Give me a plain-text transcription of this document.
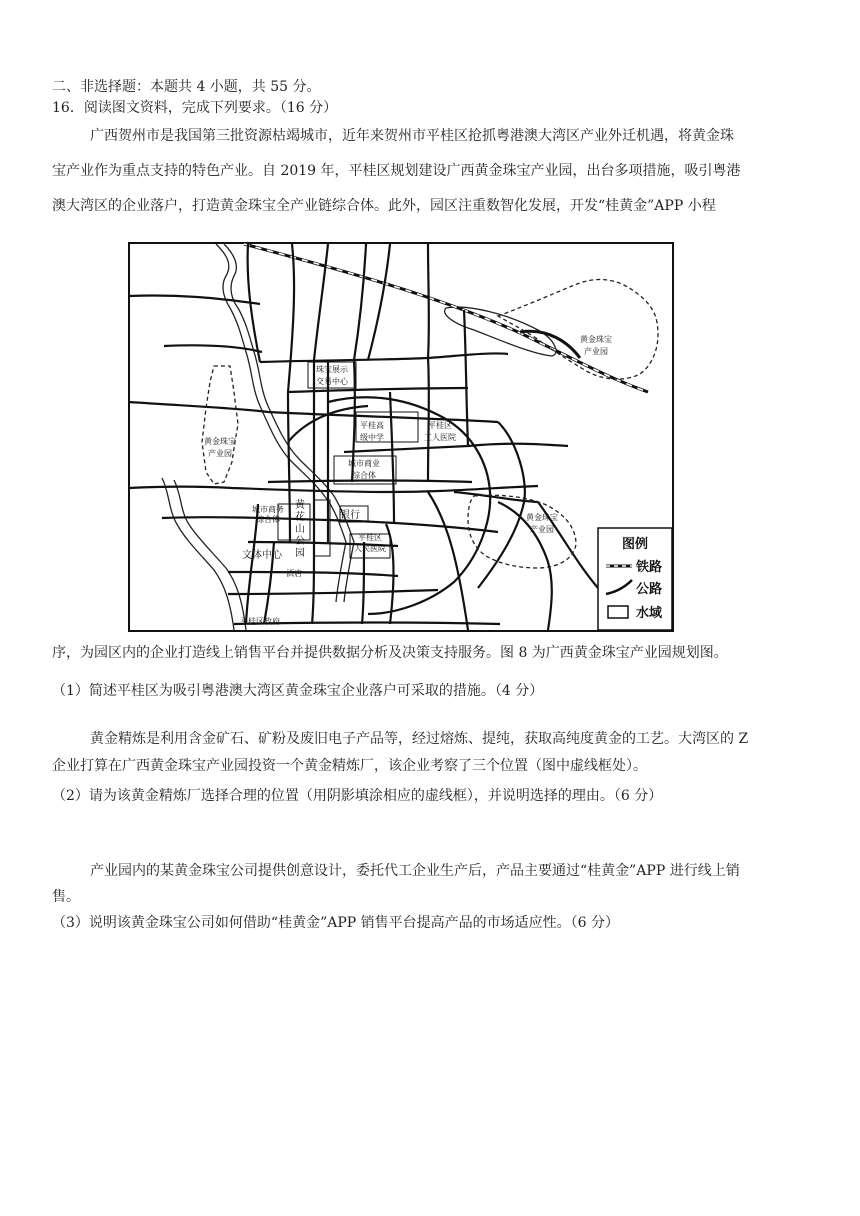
二、非选择题：本题共 4 小题，共 55 分。
16．阅读图文资料，完成下列要求。（16 分）
广西贺州市是我国第三批资源枯竭城市，近年来贺州市平桂区抢抓粤港澳大湾区产业外迁机遇，将黄金珠
宝产业作为重点支持的特色产业。自 2019 年，平桂区规划建设广西黄金珠宝产业园，出台多项措施，吸引粤港
澳大湾区的企业落户，打造黄金珠宝全产业链综合体。此外，园区注重数智化发展，开发“桂黄金”APP 小程
黄金珠宝
产业园
黄金珠宝
产业园
黄金珠宝
产业园
珠宝展示
交易中心
平桂高
级中学
平桂区
工人医院
城市商业
综合体
城市商务
综合体
黄
花
山
公
园
银行
平桂区
人民医院
文体中心
酒店
平桂区政府
图例
铁路
公路
水域
序，为园区内的企业打造线上销售平台并提供数据分析及决策支持服务。图 8 为广西黄金珠宝产业园规划图。
（1）简述平桂区为吸引粤港澳大湾区黄金珠宝企业落户可采取的措施。（4 分）
黄金精炼是利用含金矿石、矿粉及废旧电子产品等，经过熔炼、提纯，获取高纯度黄金的工艺。大湾区的 Z
企业打算在广西黄金珠宝产业园投资一个黄金精炼厂，该企业考察了三个位置（图中虚线框处）。
（2）请为该黄金精炼厂选择合理的位置（用阴影填涂相应的虚线框），并说明选择的理由。（6 分）
产业园内的某黄金珠宝公司提供创意设计，委托代工企业生产后，产品主要通过“桂黄金”APP 进行线上销
售。
（3）说明该黄金珠宝公司如何借助“桂黄金”APP 销售平台提高产品的市场适应性。（6 分）
